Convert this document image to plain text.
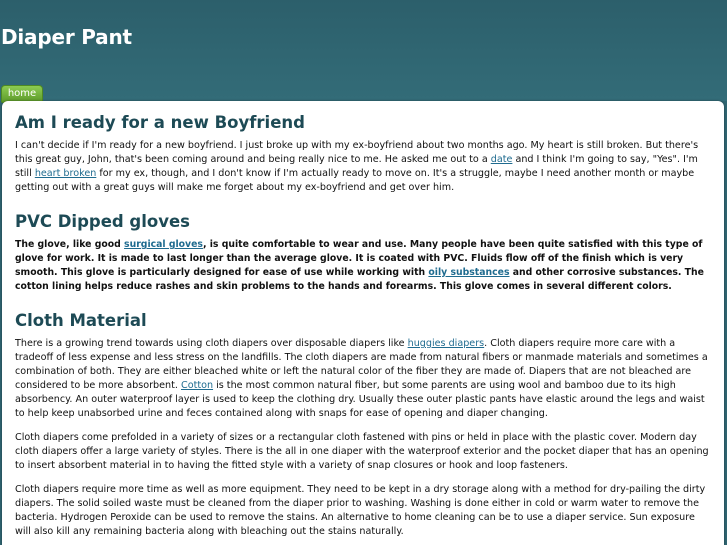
Diaper Pant
home
Am I ready for a new Boyfriend

I can't decide if I'm ready for a new boyfriend. I just broke up with my ex-boyfriend about two months ago. My heart is still broken. But there's this great guy, John, that's been coming around and being really nice to me. He asked me out to a date and I think I'm going to say, "Yes". I'm still heart broken for my ex, though, and I don't know if I'm actually ready to move on. It's a struggle, maybe I need another month or maybe getting out with a great guys will make me forget about my ex-boyfriend and get over him.

PVC Dipped gloves

The glove, like good surgical gloves, is quite comfortable to wear and use. Many people have been quite satisfied with this type of glove for work. It is made to last longer than the average glove. It is coated with PVC. Fluids flow off of the finish which is very smooth. This glove is particularly designed for ease of use while working with oily substances and other corrosive substances. The cotton lining helps reduce rashes and skin problems to the hands and forearms. This glove comes in several different colors.

Cloth Material

There is a growing trend towards using cloth diapers over disposable diapers like huggies diapers. Cloth diapers require more care with a tradeoff of less expense and less stress on the landfills. The cloth diapers are made from natural fibers or manmade materials and sometimes a combination of both. They are either bleached white or left the natural color of the fiber they are made of. Diapers that are not bleached are considered to be more absorbent. Cotton is the most common natural fiber, but some parents are using wool and bamboo due to its high absorbency. An outer waterproof layer is used to keep the clothing dry. Usually these outer plastic pants have elastic around the legs and waist to help keep unabsorbed urine and feces contained along with snaps for ease of opening and diaper changing.

Cloth diapers come prefolded in a variety of sizes or a rectangular cloth fastened with pins or held in place with the plastic cover. Modern day cloth diapers offer a large variety of styles. There is the all in one diaper with the waterproof exterior and the pocket diaper that has an opening to insert absorbent material in to having the fitted style with a variety of snap closures or hook and loop fasteners.

Cloth diapers require more time as well as more equipment. They need to be kept in a dry storage along with a method for dry-pailing the dirty diapers. The solid soiled waste must be cleaned from the diaper prior to washing. Washing is done either in cold or warm water to remove the bacteria. Hydrogen Peroxide can be used to remove the stains. An alternative to home cleaning can be to use a diaper service. Sun exposure will also kill any remaining bacteria along with bleaching out the stains naturally.
